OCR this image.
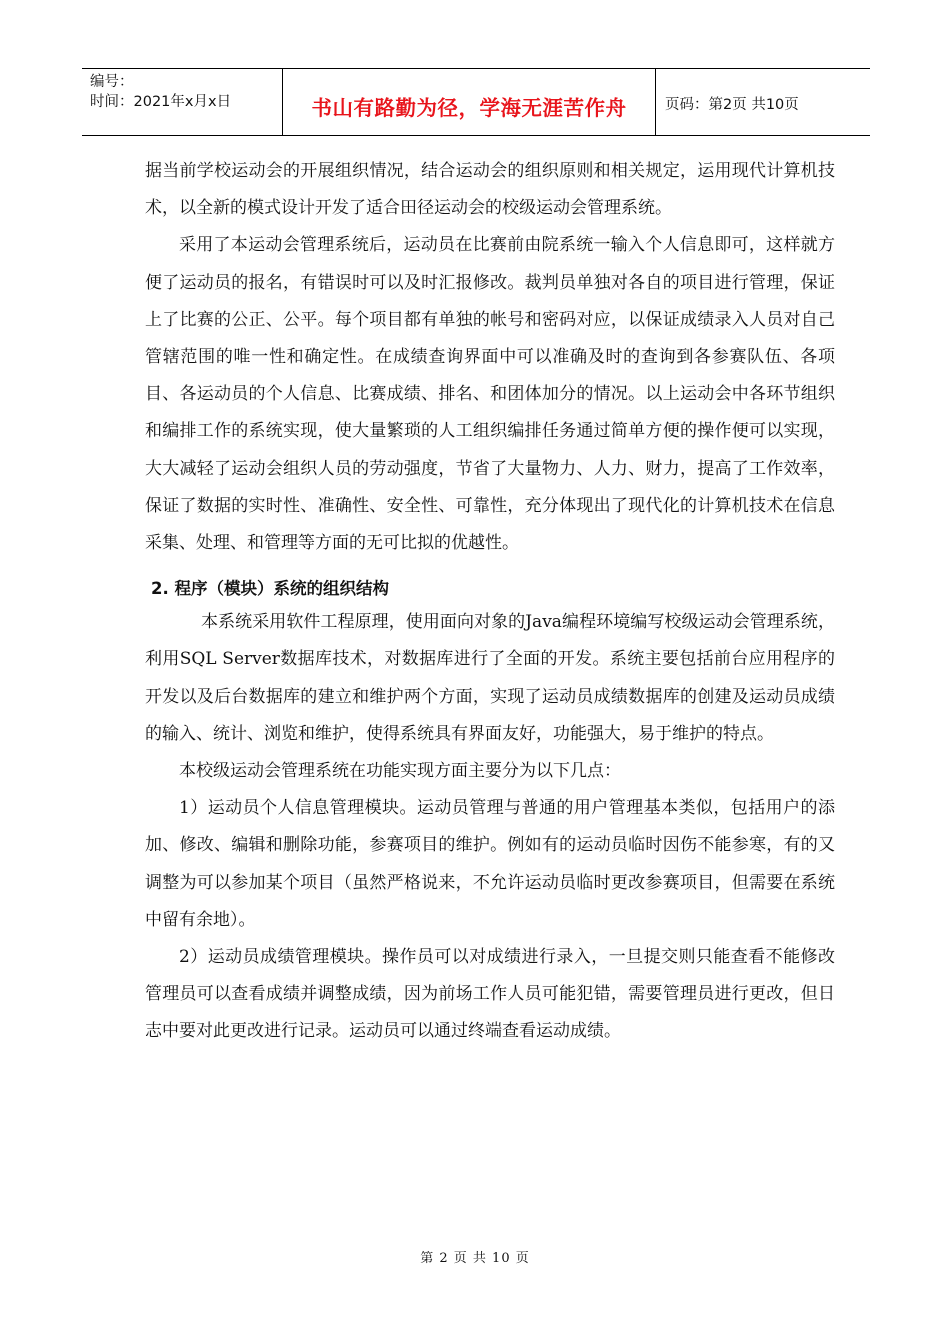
编号：
时间：2021年x月x日	书山有路勤为径，学海无涯苦作舟	页码：第2页 共10页

据当前学校运动会的开展组织情况，结合运动会的组织原则和相关规定，运用现代计算机技术，以全新的模式设计开发了适合田径运动会的校级运动会管理系统。

采用了本运动会管理系统后，运动员在比赛前由院系统一输入个人信息即可，这样就方便了运动员的报名，有错误时可以及时汇报修改。裁判员单独对各自的项目进行管理，保证上了比赛的公正、公平。每个项目都有单独的帐号和密码对应，以保证成绩录入人员对自己管辖范围的唯一性和确定性。在成绩查询界面中可以准确及时的查询到各参赛队伍、各项目、各运动员的个人信息、比赛成绩、排名、和团体加分的情况。以上运动会中各环节组织和编排工作的系统实现，使大量繁琐的人工组织编排任务通过简单方便的操作便可以实现，大大减轻了运动会组织人员的劳动强度，节省了大量物力、人力、财力，提高了工作效率，保证了数据的实时性、准确性、安全性、可靠性，充分体现出了现代化的计算机技术在信息采集、处理、和管理等方面的无可比拟的优越性。

2. 程序（模块）系统的组织结构

本系统采用软件工程原理，使用面向对象的Java编程环境编写校级运动会管理系统，利用SQL Server数据库技术，对数据库进行了全面的开发。系统主要包括前台应用程序的开发以及后台数据库的建立和维护两个方面，实现了运动员成绩数据库的创建及运动员成绩的输入、统计、浏览和维护，使得系统具有界面友好，功能强大，易于维护的特点。

本校级运动会管理系统在功能实现方面主要分为以下几点：

1）运动员个人信息管理模块。运动员管理与普通的用户管理基本类似，包括用户的添加、修改、编辑和删除功能，参赛项目的维护。例如有的运动员临时因伤不能参寒，有的又调整为可以参加某个项目（虽然严格说来，不允许运动员临时更改参赛项目，但需要在系统中留有余地）。

2）运动员成绩管理模块。操作员可以对成绩进行录入，一旦提交则只能查看不能修改管理员可以查看成绩并调整成绩，因为前场工作人员可能犯错，需要管理员进行更改，但日志中要对此更改进行记录。运动员可以通过终端查看运动成绩。

第 2 页 共 10 页
